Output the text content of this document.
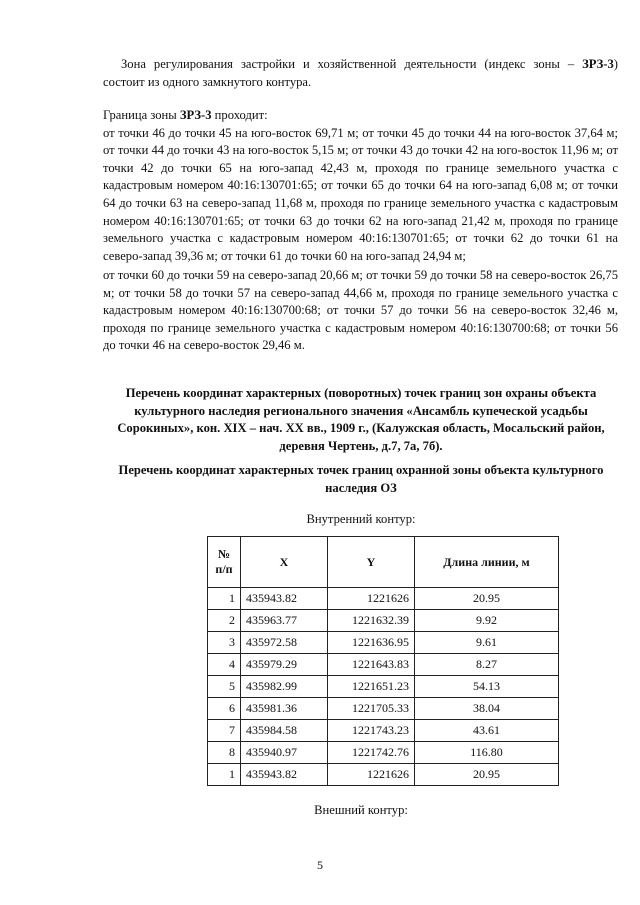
Зона регулирования застройки и хозяйственной деятельности (индекс зоны – ЗРЗ-3) состоит из одного замкнутого контура.
Граница зоны ЗРЗ-3 проходит:
от точки 46 до точки 45 на юго-восток 69,71 м; от точки 45 до точки 44 на юго-восток 37,64 м; от точки 44 до точки 43 на юго-восток 5,15 м; от точки 43 до точки 42 на юго-восток 11,96 м; от точки 42 до точки 65 на юго-запад 42,43 м, проходя по границе земельного участка с кадастровым номером 40:16:130701:65; от точки 65 до точки 64 на юго-запад 6,08 м; от точки 64 до точки 63 на северо-запад 11,68 м, проходя по границе земельного участка с кадастровым номером 40:16:130701:65; от точки 63 до точки 62 на юго-запад 21,42 м, проходя по границе земельного участка с кадастровым номером 40:16:130701:65; от точки 62 до точки 61 на северо-запад 39,36 м; от точки 61 до точки 60 на юго-запад 24,94 м;
от точки 60 до точки 59 на северо-запад 20,66 м; от точки 59 до точки 58 на северо-восток 26,75 м; от точки 58 до точки 57 на северо-запад 44,66 м, проходя по границе земельного участка с кадастровым номером 40:16:130700:68; от точки 57 до точки 56 на северо-восток 32,46 м, проходя по границе земельного участка с кадастровым номером 40:16:130700:68; от точки 56 до точки 46 на северо-восток 29,46 м.
Перечень координат характерных (поворотных) точек границ зон охраны объекта культурного наследия регионального значения «Ансамбль купеческой усадьбы Сорокиных», кон. XIX – нач. XX вв., 1909 г., (Калужская область, Мосальский район, деревня Чертень, д.7, 7а, 7б).
Перечень координат характерных точек границ охранной зоны объекта культурного наследия ОЗ
Внутренний контур:
№ п/п	X	Y	Длина линии, м
1	435943.82	1221626	20.95
2	435963.77	1221632.39	9.92
3	435972.58	1221636.95	9.61
4	435979.29	1221643.83	8.27
5	435982.99	1221651.23	54.13
6	435981.36	1221705.33	38.04
7	435984.58	1221743.23	43.61
8	435940.97	1221742.76	116.80
1	435943.82	1221626	20.95
Внешний контур:
5
